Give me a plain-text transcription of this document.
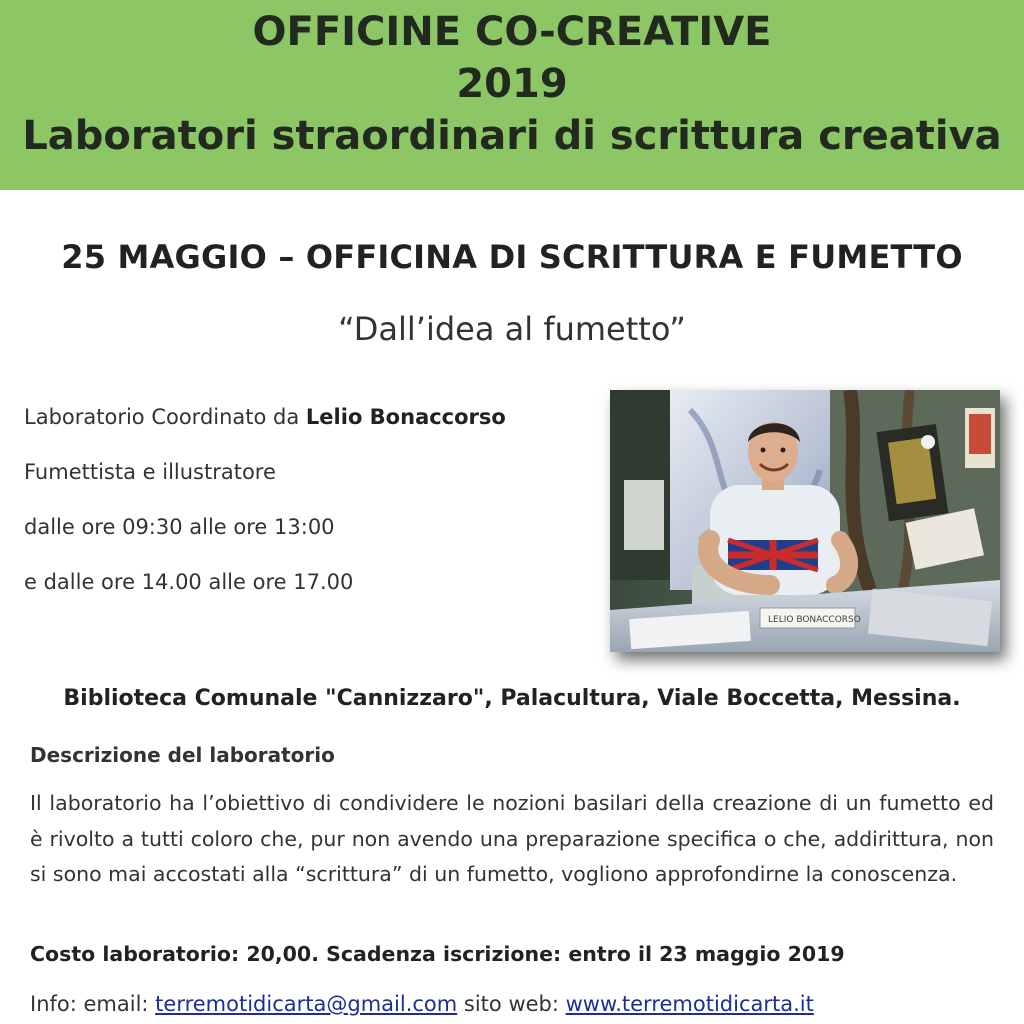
OFFICINE CO-CREATIVE
2019
Laboratori straordinari di scrittura creativa
25 MAGGIO – OFFICINA DI SCRITTURA E FUMETTO
“Dall’idea al fumetto”
Laboratorio Coordinato da Lelio Bonaccorso
Fumettista e illustratore
dalle ore 09:30 alle ore 13:00
e dalle ore 14.00 alle ore 17.00
LELIO BONACCORSO
Biblioteca Comunale "Cannizzaro", Palacultura, Viale Boccetta, Messina.
Descrizione del laboratorio
Il laboratorio ha l’obiettivo di condividere le nozioni basilari della creazione di un fumetto ed è rivolto a tutti coloro che, pur non avendo una preparazione specifica o che, addirittura, non si sono mai accostati alla “scrittura” di un fumetto, vogliono approfondirne la conoscenza.
Costo laboratorio: 20,00. Scadenza iscrizione: entro il 23 maggio 2019
Info: email: terremotidicarta@gmail.com sito web: www.terremotidicarta.it
